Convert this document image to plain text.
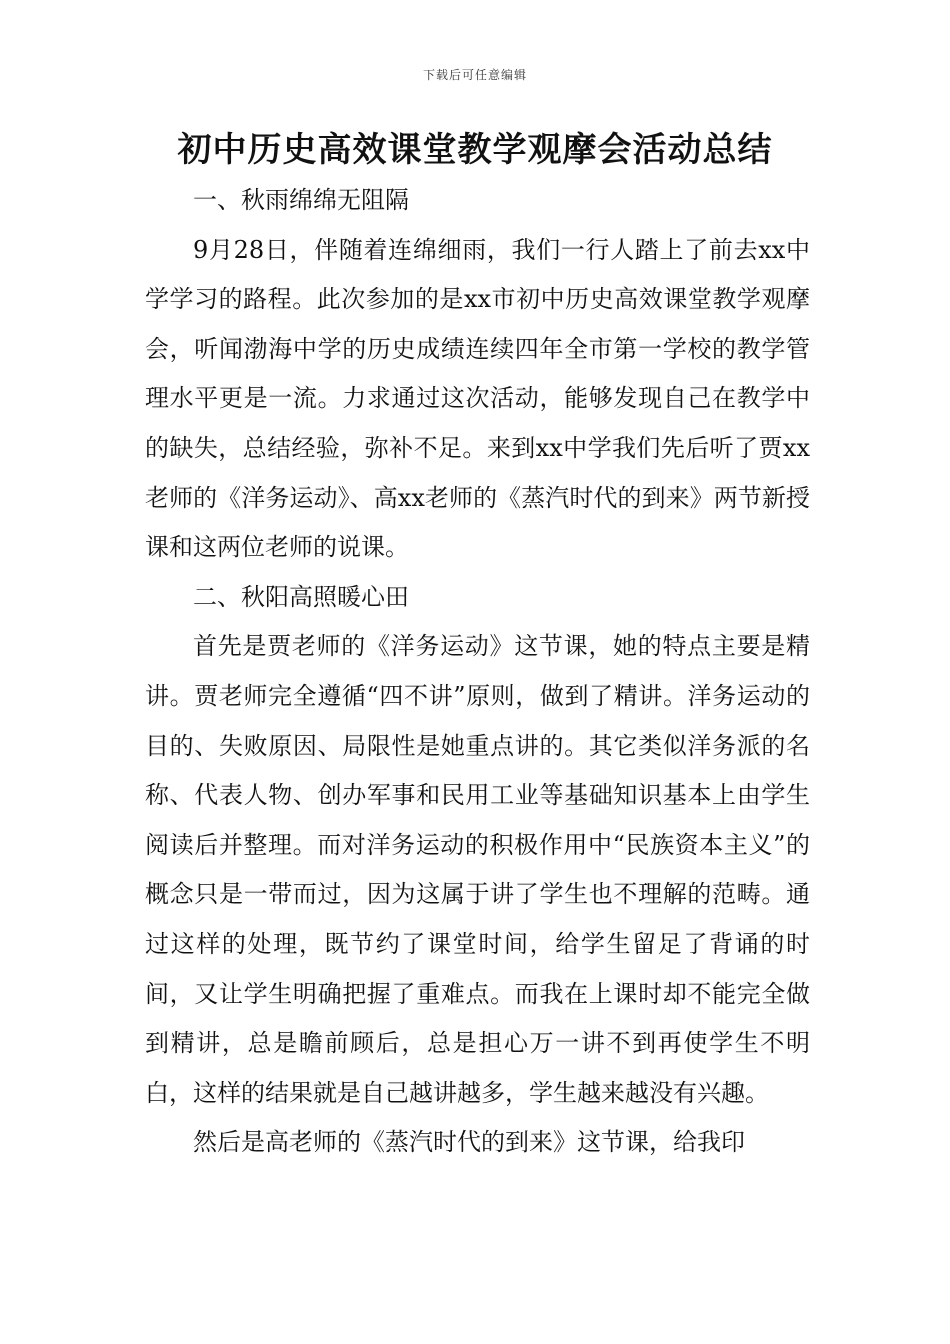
下载后可任意编辑
初中历史高效课堂教学观摩会活动总结

一、秋雨绵绵无阻隔

9月28日，伴随着连绵细雨，我们一行人踏上了前去xx中学学习的路程。此次参加的是xx市初中历史高效课堂教学观摩会，听闻渤海中学的历史成绩连续四年全市第一学校的教学管理水平更是一流。力求通过这次活动，能够发现自己在教学中的缺失，总结经验，弥补不足。来到xx中学我们先后听了贾xx老师的《洋务运动》、高xx老师的《蒸汽时代的到来》两节新授课和这两位老师的说课。

二、秋阳高照暖心田

首先是贾老师的《洋务运动》这节课，她的特点主要是精讲。贾老师完全遵循“四不讲”原则，做到了精讲。洋务运动的目的、失败原因、局限性是她重点讲的。其它类似洋务派的名称、代表人物、创办军事和民用工业等基础知识基本上由学生阅读后并整理。而对洋务运动的积极作用中“民族资本主义”的概念只是一带而过，因为这属于讲了学生也不理解的范畴。通过这样的处理，既节约了课堂时间，给学生留足了背诵的时间，又让学生明确把握了重难点。而我在上课时却不能完全做到精讲，总是瞻前顾后，总是担心万一讲不到再使学生不明白，这样的结果就是自己越讲越多，学生越来越没有兴趣。

然后是高老师的《蒸汽时代的到来》这节课，给我印
